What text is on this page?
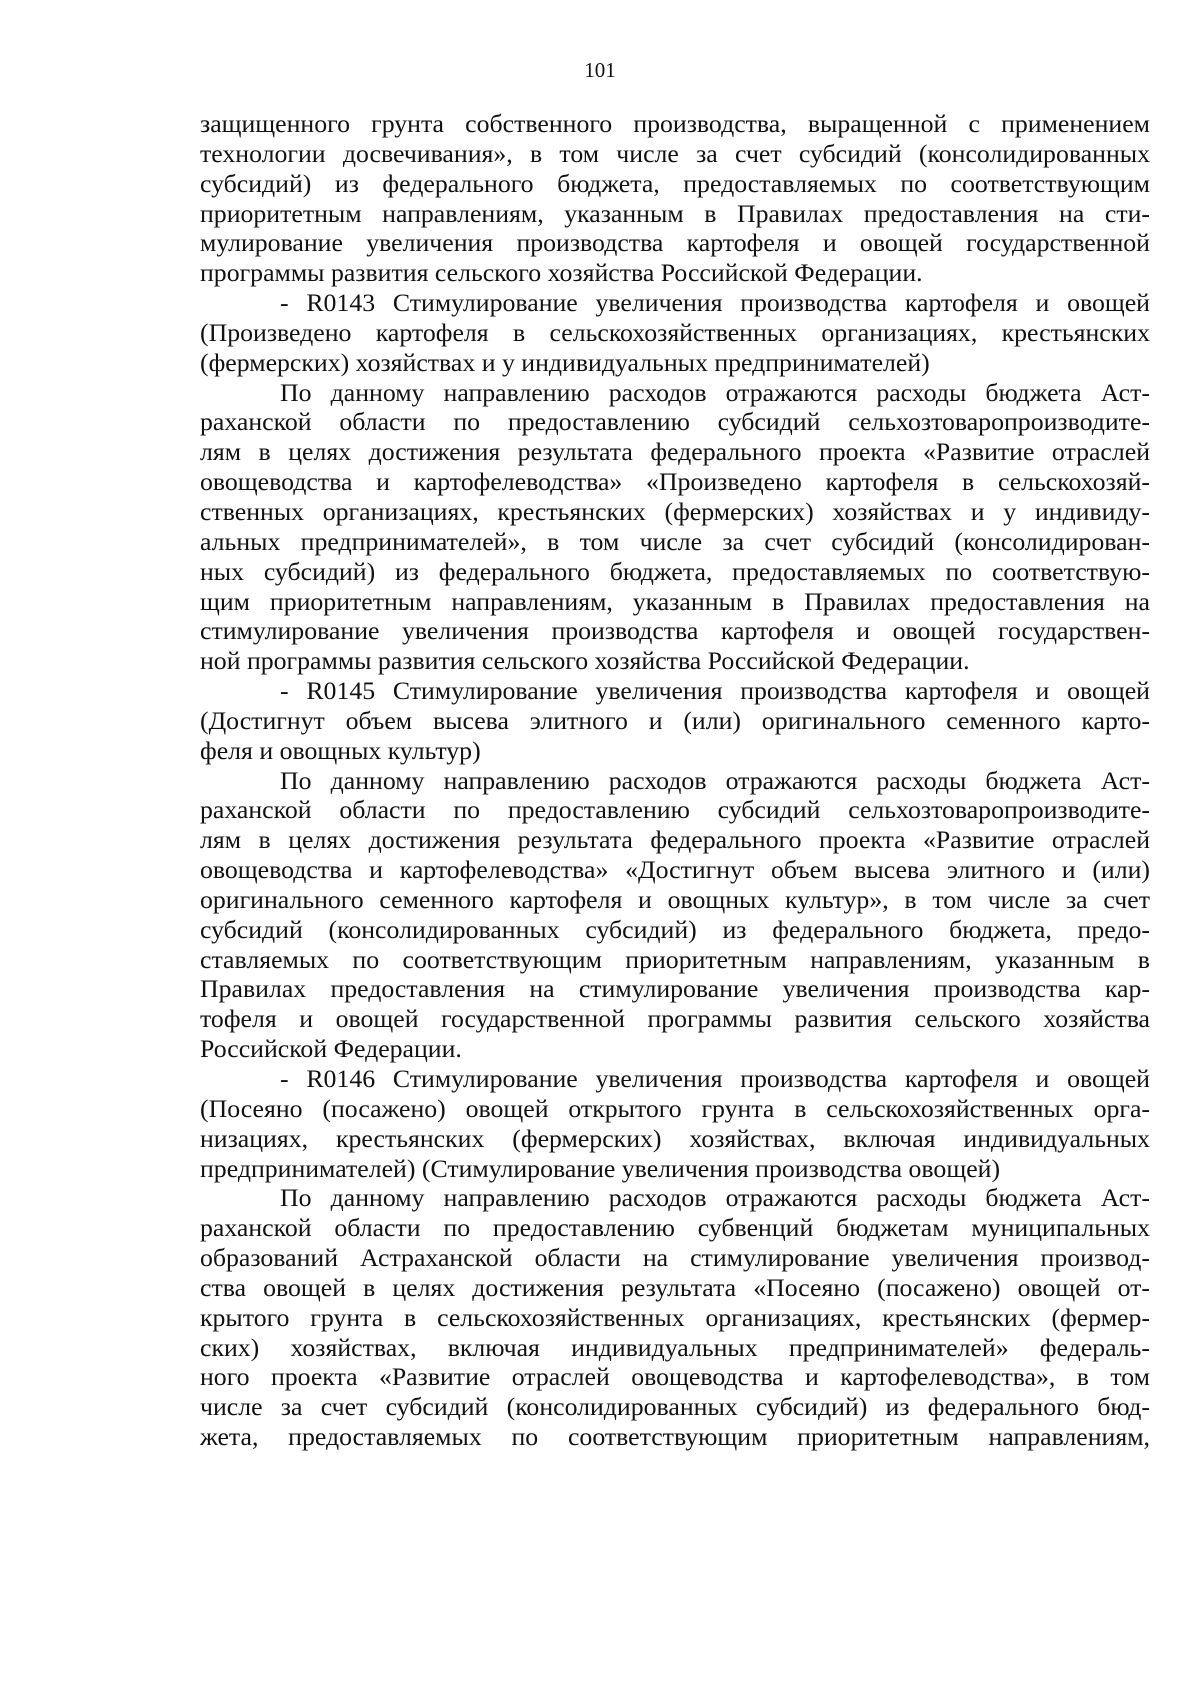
101
защищенного грунта собственного производства, выращенной с применением
технологии досвечивания», в том числе за счет субсидий (консолидированных
субсидий) из федерального бюджета, предоставляемых по соответствующим
приоритетным направлениям, указанным в Правилах предоставления на сти-
мулирование увеличения производства картофеля и овощей государственной
программы развития сельского хозяйства Российской Федерации.
- R0143 Стимулирование увеличения производства картофеля и овощей
(Произведено картофеля в сельскохозяйственных организациях, крестьянских
(фермерских) хозяйствах и у индивидуальных предпринимателей)
По данному направлению расходов отражаются расходы бюджета Аст-
раханской области по предоставлению субсидий сельхозтоваропроизводите-
лям в целях достижения результата федерального проекта «Развитие отраслей
овощеводства и картофелеводства» «Произведено картофеля в сельскохозяй-
ственных организациях, крестьянских (фермерских) хозяйствах и у индивиду-
альных предпринимателей», в том числе за счет субсидий (консолидирован-
ных субсидий) из федерального бюджета, предоставляемых по соответствую-
щим приоритетным направлениям, указанным в Правилах предоставления на
стимулирование увеличения производства картофеля и овощей государствен-
ной программы развития сельского хозяйства Российской Федерации.
- R0145 Стимулирование увеличения производства картофеля и овощей
(Достигнут объем высева элитного и (или) оригинального семенного карто-
феля и овощных культур)
По данному направлению расходов отражаются расходы бюджета Аст-
раханской области по предоставлению субсидий сельхозтоваропроизводите-
лям в целях достижения результата федерального проекта «Развитие отраслей
овощеводства и картофелеводства» «Достигнут объем высева элитного и (или)
оригинального семенного картофеля и овощных культур», в том числе за счет
субсидий (консолидированных субсидий) из федерального бюджета, предо-
ставляемых по соответствующим приоритетным направлениям, указанным в
Правилах предоставления на стимулирование увеличения производства кар-
тофеля и овощей государственной программы развития сельского хозяйства
Российской Федерации.
- R0146 Стимулирование увеличения производства картофеля и овощей
(Посеяно (посажено) овощей открытого грунта в сельскохозяйственных орга-
низациях, крестьянских (фермерских) хозяйствах, включая индивидуальных
предпринимателей) (Стимулирование увеличения производства овощей)
По данному направлению расходов отражаются расходы бюджета Аст-
раханской области по предоставлению субвенций бюджетам муниципальных
образований Астраханской области на стимулирование увеличения производ-
ства овощей в целях достижения результата «Посеяно (посажено) овощей от-
крытого грунта в сельскохозяйственных организациях, крестьянских (фермер-
ских) хозяйствах, включая индивидуальных предпринимателей» федераль-
ного проекта «Развитие отраслей овощеводства и картофелеводства», в том
числе за счет субсидий (консолидированных субсидий) из федерального бюд-
жета, предоставляемых по соответствующим приоритетным направлениям,
